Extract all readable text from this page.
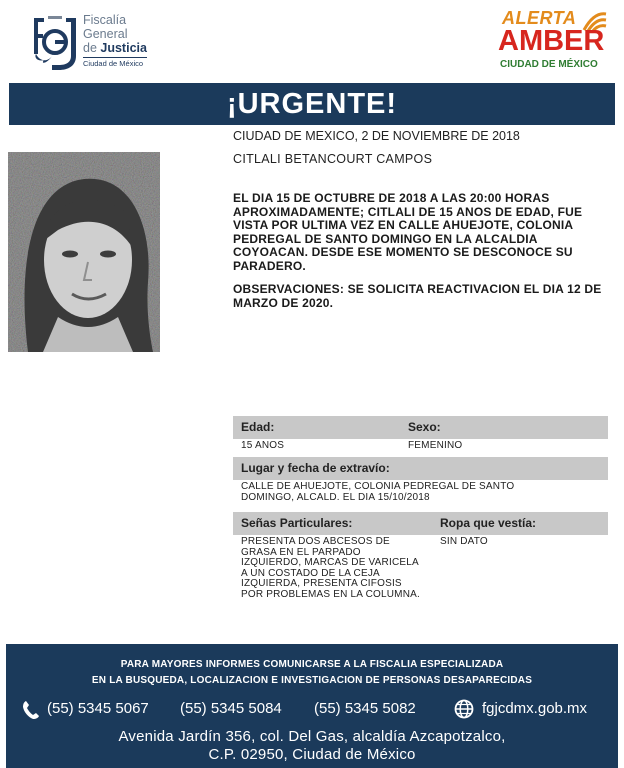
Fiscalía
General
de Justicia
Ciudad de México
ALERTA
AMBER
CIUDAD DE MÉXICO
¡URGENTE!
CIUDAD DE MEXICO, 2 DE NOVIEMBRE DE 2018
CITLALI BETANCOURT CAMPOS
EL DIA 15 DE OCTUBRE DE 2018 A LAS 20:00 HORAS APROXIMADAMENTE; CITLALI DE 15 ANOS DE EDAD, FUE VISTA POR ULTIMA VEZ EN CALLE AHUEJOTE, COLONIA PEDREGAL DE SANTO DOMINGO EN LA ALCALDIA COYOACAN. DESDE ESE MOMENTO SE DESCONOCE SU PARADERO.
OBSERVACIONES: SE SOLICITA REACTIVACION EL DIA 12 DE MARZO DE 2020.
Edad:	Sexo:
15 ANOS	FEMENINO
Lugar y fecha de extravío:
CALLE DE AHUEJOTE, COLONIA PEDREGAL DE SANTO DOMINGO, ALCALD. EL DIA 15/10/2018
Señas Particulares:	Ropa que vestía:
PRESENTA DOS ABCESOS DE GRASA EN EL PARPADO IZQUIERDO, MARCAS DE VARICELA A UN COSTADO DE LA CEJA IZQUIERDA, PRESENTA CIFOSIS POR PROBLEMAS EN LA COLUMNA.
SIN DATO
PARA MAYORES INFORMES COMUNICARSE A LA FISCALIA ESPECIALIZADA
EN LA BUSQUEDA, LOCALIZACION E INVESTIGACION DE PERSONAS DESAPARECIDAS
(55) 5345 5067 (55) 5345 5084 (55) 5345 5082	fgjcdmx.gob.mx
Avenida Jardín 356, col. Del Gas, alcaldía Azcapotzalco,
C.P. 02950, Ciudad de México
